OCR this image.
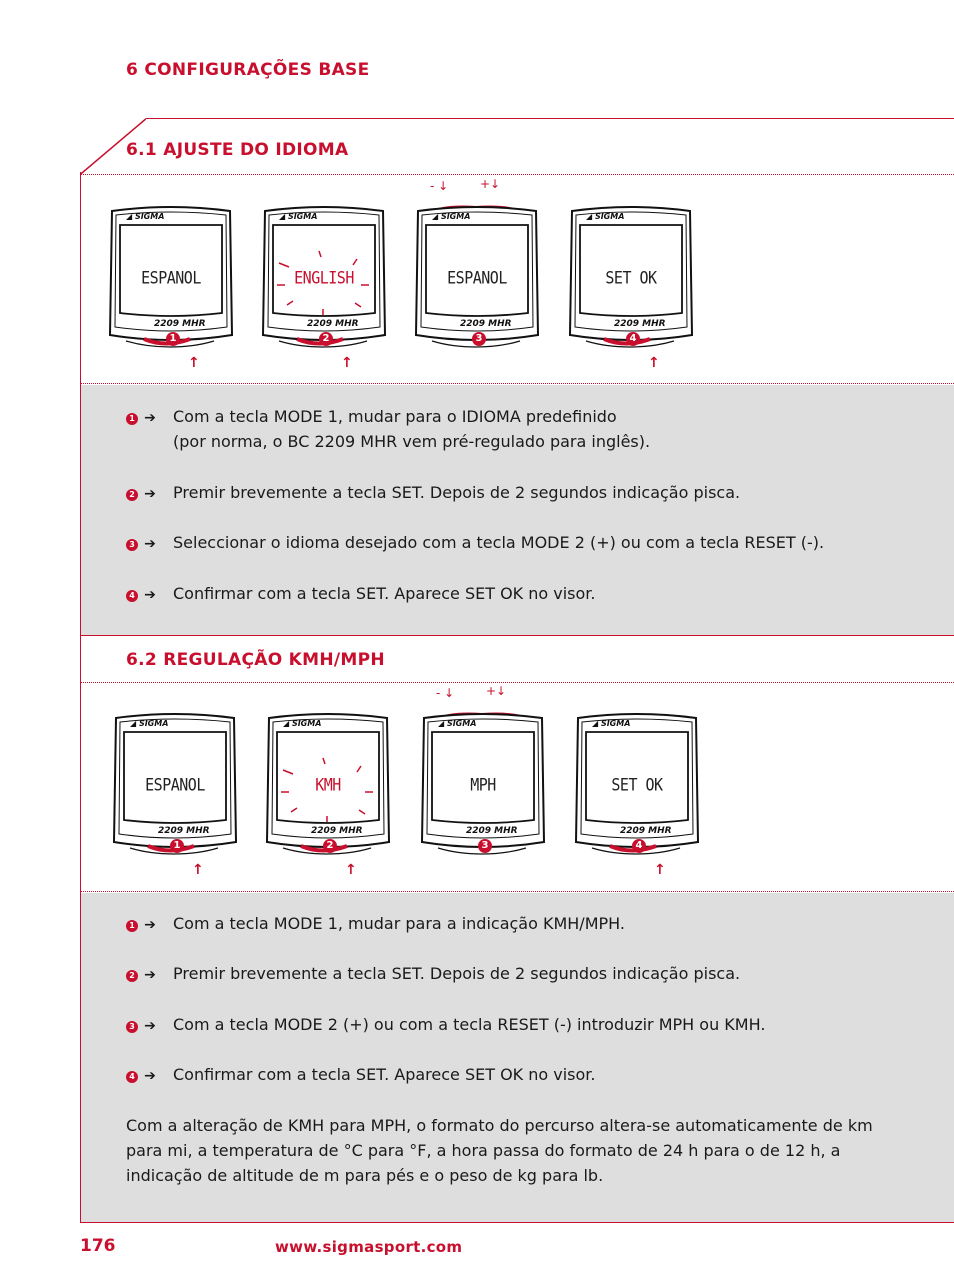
6 CONFIGURAÇÕES BASE
6.1 AJUSTE DO IDIOMA
◢ SIGMA
ESPANOL
2209 MHR
1
↑
◢ SIGMA
ENGLISH
2209 MHR
2
↑
◢ SIGMA
ESPANOL
2209 MHR
3
◢ SIGMA
SET OK
2209 MHR
4
↑
- ↓	+↓
1 ➔ Com a tecla MODE 1, mudar para o IDIOMA predefinido
(por norma, o BC 2209 MHR vem pré-regulado para inglês).
2 ➔ Premir brevemente a tecla SET. Depois de 2 segundos indicação pisca.
3 ➔ Seleccionar o idioma desejado com a tecla MODE 2 (+) ou com a tecla RESET (-).
4 ➔ Confirmar com a tecla SET. Aparece SET OK no visor.
6.2 REGULAÇÃO KMH/MPH
◢ SIGMA
ESPANOL
2209 MHR
1
↑
◢ SIGMA
KMH
2209 MHR
2
↑
◢ SIGMA
MPH
2209 MHR
3
◢ SIGMA
SET OK
2209 MHR
4
↑
- ↓	+↓
1 ➔ Com a tecla MODE 1, mudar para a indicação KMH/MPH.
2 ➔ Premir brevemente a tecla SET. Depois de 2 segundos indicação pisca.
3 ➔ Com a tecla MODE 2 (+) ou com a tecla RESET (-) introduzir MPH ou KMH.
4 ➔ Confirmar com a tecla SET. Aparece SET OK no visor.
Com a alteração de KMH para MPH, o formato do percurso altera-se automaticamente de km para mi, a temperatura de °C para °F, a hora passa do formato de 24 h para o de 12 h, a indicação de altitude de m para pés e o peso de kg para lb.
176	www.sigmasport.com
